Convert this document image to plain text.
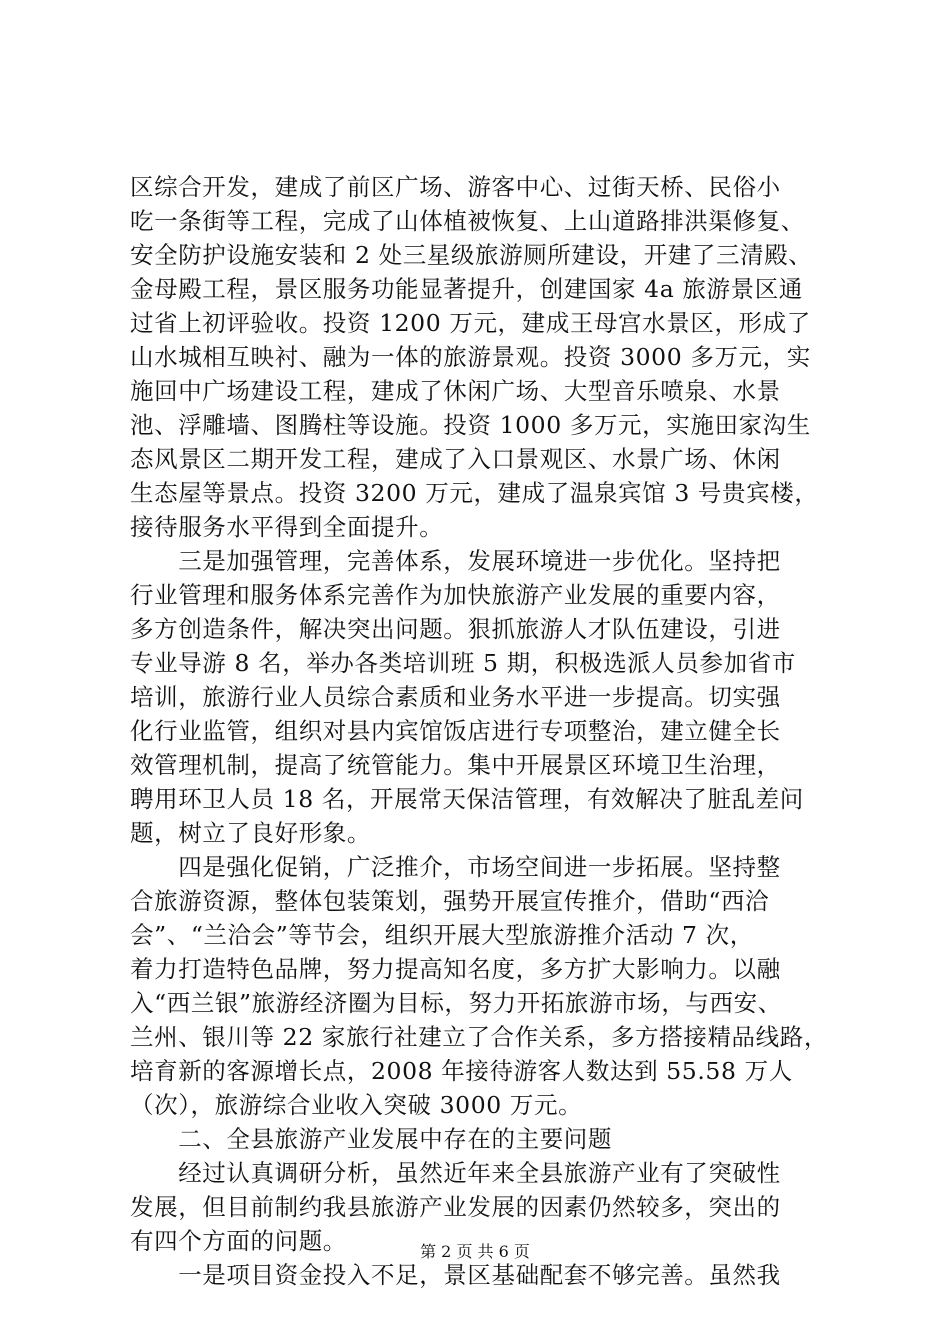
区综合开发，建成了前区广场、游客中心、过街天桥、民俗小
吃一条街等工程，完成了山体植被恢复、上山道路排洪渠修复、
安全防护设施安装和 2 处三星级旅游厕所建设，开建了三清殿、
金母殿工程，景区服务功能显著提升，创建国家 4a 旅游景区通
过省上初评验收。投资 1200 万元，建成王母宫水景区，形成了
山水城相互映衬、融为一体的旅游景观。投资 3000 多万元，实
施回中广场建设工程，建成了休闲广场、大型音乐喷泉、水景
池、浮雕墙、图腾柱等设施。投资 1000 多万元，实施田家沟生
态风景区二期开发工程，建成了入口景观区、水景广场、休闲
生态屋等景点。投资 3200 万元，建成了温泉宾馆 3 号贵宾楼，
接待服务水平得到全面提升。
　　三是加强管理，完善体系，发展环境进一步优化。坚持把
行业管理和服务体系完善作为加快旅游产业发展的重要内容，
多方创造条件，解决突出问题。狠抓旅游人才队伍建设，引进
专业导游 8 名，举办各类培训班 5 期，积极选派人员参加省市
培训，旅游行业人员综合素质和业务水平进一步提高。切实强
化行业监管，组织对县内宾馆饭店进行专项整治，建立健全长
效管理机制，提高了统管能力。集中开展景区环境卫生治理，
聘用环卫人员 18 名，开展常天保洁管理，有效解决了脏乱差问
题，树立了良好形象。
　　四是强化促销，广泛推介，市场空间进一步拓展。坚持整
合旅游资源，整体包装策划，强势开展宣传推介，借助“西洽
会”、“兰洽会”等节会，组织开展大型旅游推介活动 7 次，
着力打造特色品牌，努力提高知名度，多方扩大影响力。以融
入“西兰银”旅游经济圈为目标，努力开拓旅游市场，与西安、
兰州、银川等 22 家旅行社建立了合作关系，多方搭接精品线路，
培育新的客源增长点，2008 年接待游客人数达到 55.58 万人
（次），旅游综合业收入突破 3000 万元。
　　二、全县旅游产业发展中存在的主要问题
　　经过认真调研分析，虽然近年来全县旅游产业有了突破性
发展，但目前制约我县旅游产业发展的因素仍然较多，突出的
有四个方面的问题。
　　一是项目资金投入不足，景区基础配套不够完善。虽然我
第 2 页 共 6 页
